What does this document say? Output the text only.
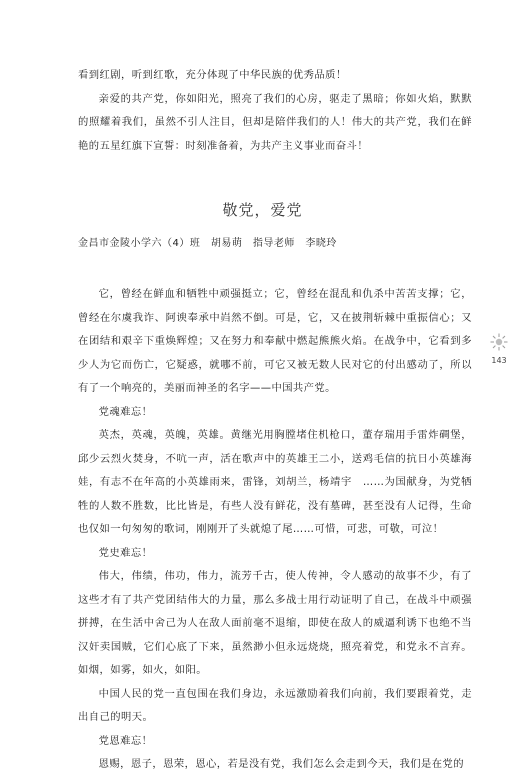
看到红剧，听到红歌，充分体现了中华民族的优秀品质！

亲爱的共产党，你如阳光，照亮了我们的心房，驱走了黑暗；你如火焰，默默的照耀着我们，虽然不引人注目，但却是陪伴我们的人！伟大的共产党，我们在鲜艳的五星红旗下宣誓：时刻准备着，为共产主义事业而奋斗！

敬党，爱党
金昌市金陵小学六（4）班　胡易萌　指导老师　李晓玲

它，曾经在鲜血和牺牲中顽强挺立；它，曾经在混乱和仇杀中苦苦支撑；它，曾经在尔虞我诈、阿谀奉承中岿然不倒。可是，它，又在披荆斩棘中重振信心；又在团结和艰辛下重焕辉煌；又在努力和奉献中燃起熊熊火焰。在战争中，它看到多少人为它而伤亡，它疑惑，就哪不前，可它又被无数人民对它的付出感动了，所以有了一个响亮的，美丽而神圣的名字——中国共产党。

党魂难忘！

英杰，英魂，英魄，英雄。黄继光用胸膛堵住机枪口，董存瑞用手雷炸碉堡，邱少云烈火焚身，不吭一声，活在歌声中的英雄王二小，送鸡毛信的抗日小英雄海娃，有志不在年高的小英雄雨来，雷锋，刘胡兰，杨靖宇　……为国献身，为党牺牲的人数不胜数，比比皆是，有些人没有鲜花，没有墓碑，甚至没有人记得，生命也仅如一句匆匆的歌词，刚刚开了头就熄了尾……可惜，可悲，可敬，可泣！

党史难忘！

伟大，伟绩，伟功，伟力，流芳千古，使人传神，令人感动的故事不少，有了这些才有了共产党团结伟大的力量，那么多战士用行动证明了自己，在战斗中顽强拼搏，在生活中舍己为人在敌人面前毫不退缩，即使在敌人的威逼利诱下也绝不当汉奸卖国贼，它们心底了下来，虽然渺小但永远烧烧，照亮着党，和党永不言弃。如烟，如雾，如火，如阳。

中国人民的党一直包围在我们身边，永远激励着我们向前，我们要跟着党，走出自己的明天。

党恩难忘！

恩赐，恩子，恩荣，恩心，若是没有党，我们怎么会走到今天，我们是在党的

143
